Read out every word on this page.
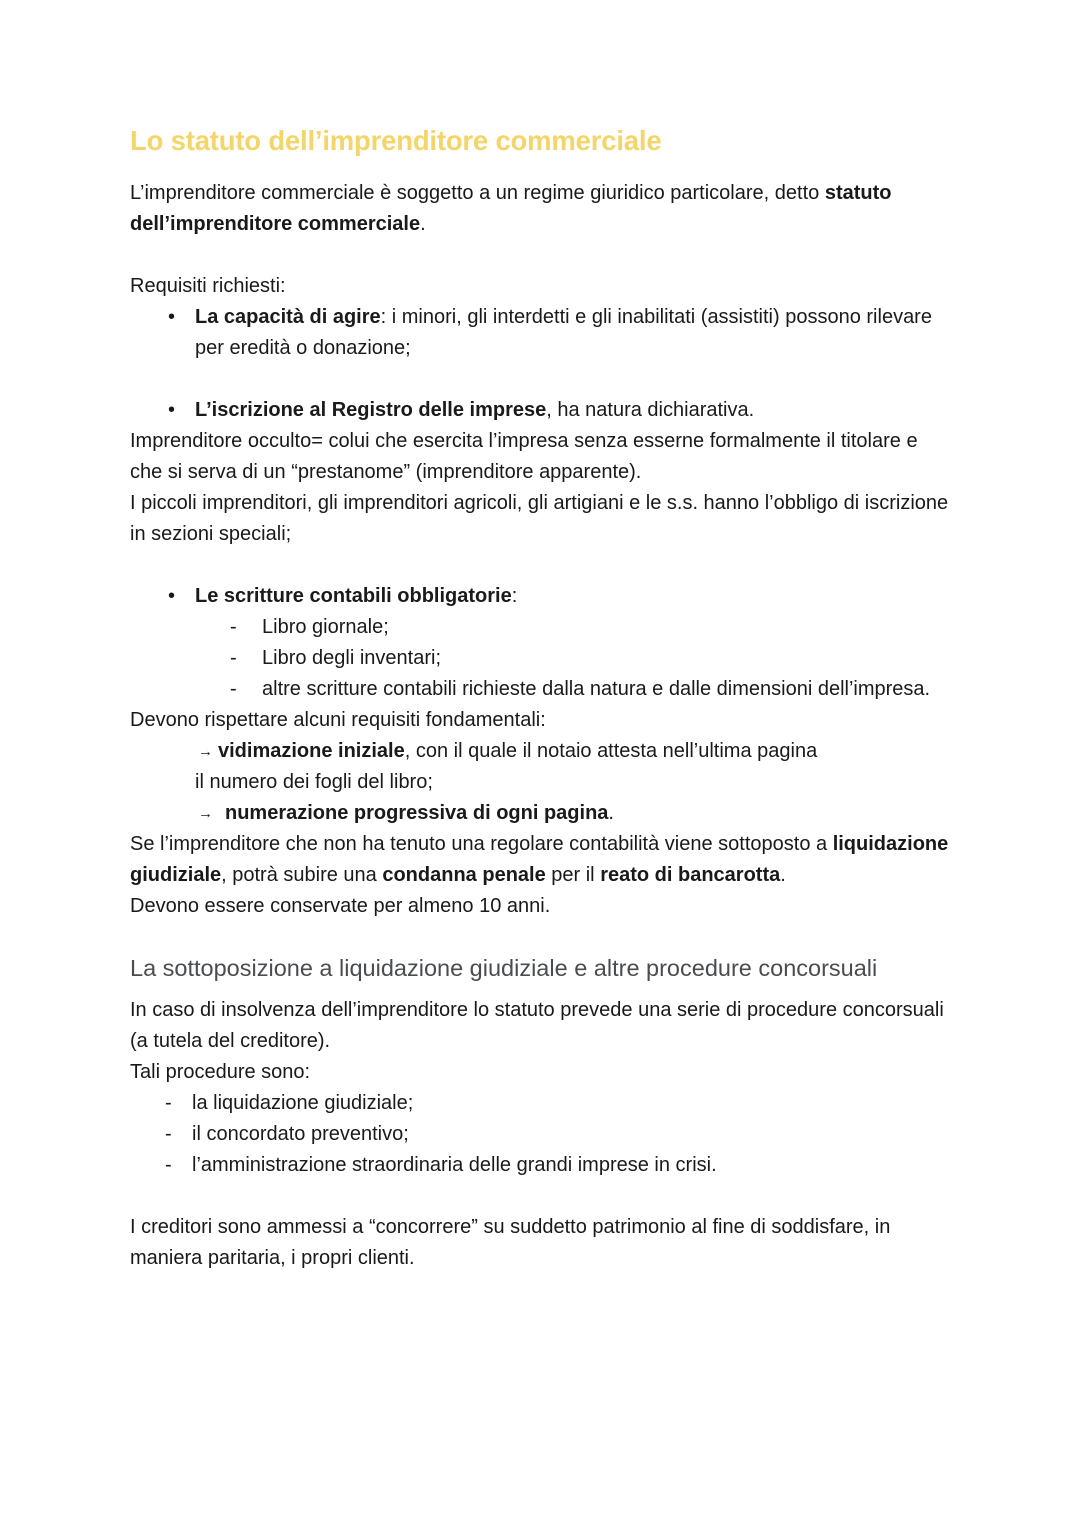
Lo statuto dell’imprenditore commerciale

L’imprenditore commerciale è soggetto a un regime giuridico particolare, detto statuto dell’imprenditore commerciale.

Requisiti richiesti:

• La capacità di agire: i minori, gli interdetti e gli inabilitati (assistiti) possono rilevare per eredità o donazione;
• L’iscrizione al Registro delle imprese, ha natura dichiarativa.

Imprenditore occulto= colui che esercita l’impresa senza esserne formalmente il titolare e che si serva di un “prestanome” (imprenditore apparente).

I piccoli imprenditori, gli imprenditori agricoli, gli artigiani e le s.s. hanno l’obbligo di iscrizione in sezioni speciali;

• Le scritture contabili obbligatorie:
- Libro giornale;
- Libro degli inventari;
- altre scritture contabili richieste dalla natura e dalle dimensioni dell’impresa.

Devono rispettare alcuni requisiti fondamentali:

→ vidimazione iniziale, con il quale il notaio attesta nell’ultima pagina

il numero dei fogli del libro;

→ numerazione progressiva di ogni pagina.

Se l’imprenditore che non ha tenuto una regolare contabilità viene sottoposto a liquidazione giudiziale, potrà subire una condanna penale per il reato di bancarotta.

Devono essere conservate per almeno 10 anni.

La sottoposizione a liquidazione giudiziale e altre procedure concorsuali

In caso di insolvenza dell’imprenditore lo statuto prevede una serie di procedure concorsuali (a tutela del creditore).

Tali procedure sono:

- la liquidazione giudiziale;
- il concordato preventivo;
- l’amministrazione straordinaria delle grandi imprese in crisi.

I creditori sono ammessi a “concorrere” su suddetto patrimonio al fine di soddisfare, in maniera paritaria, i propri clienti.
